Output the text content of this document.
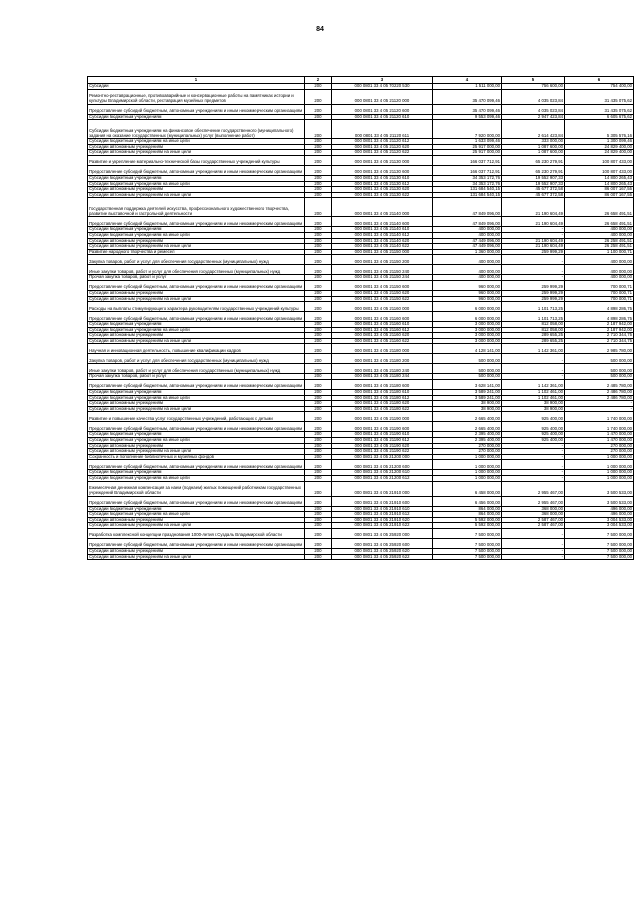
84
1	2	3	4	5	6
Субсидии	200	000 0801 33 4 05 70220 530	1 511 000,00	756 600,00	754 400,00
Ремонтно-реставрационные, противоаварийные и консервационные работы на памятниках истории и культуры Владимирской области, реставрация музейных предметов	200	000 0801 33 4 05 21120 000	35 470 099,46	4 035 023,84	31 435 075,62
Предоставление субсидий бюджетным, автономным учреждениям и иным некоммерческим организациям	200	000 0801 33 4 05 21120 600	35 470 099,46	4 035 023,84	31 435 075,62
Субсидии бюджетным учреждениям	200	000 0801 33 4 05 21120 610	9 553 099,46	2 947 423,84	6 605 675,62
Субсидии бюджетным учреждениям на финансовое обеспечение государственного (муниципального) задания на оказание государственных (муниципальных) услуг (выполнение работ)	200	000 0801 33 4 05 21120 611	7 920 000,00	2 614 423,84	5 305 576,16
Субсидии бюджетным учреждениям на иные цели	200	000 0801 33 4 05 21120 612	1 633 099,46	333 000,00	1 300 099,46
Субсидии автономным учреждениям	200	000 0801 33 4 05 21120 620	25 917 000,00	1 087 600,00	24 829 400,00
Субсидии автономным учреждениям на иные цели	200	000 0801 33 4 05 21120 622	25 917 000,00	1 087 600,00	24 829 400,00
Развитие и укрепление материально-технической базы государственных учреждений культуры	200	000 0801 33 4 05 21130 000	166 037 712,91	65 230 279,91	100 807 433,00
Предоставление субсидий бюджетным, автономным учреждениям и иным некоммерческим организациям	200	000 0801 33 4 05 21130 600	166 037 712,91	65 230 279,91	100 807 433,00
Субсидии бюджетным учреждениям	200	000 0801 33 4 05 21130 610	34 353 172,76	19 552 907,33	14 800 265,43
Субсидии бюджетным учреждениям на иные цели	200	000 0801 33 4 05 21130 612	34 353 172,76	19 552 907,33	14 800 265,43
Субсидии автономным учреждениям	200	000 0801 33 4 05 21130 620	131 684 540,15	45 677 372,58	86 007 167,55
Субсидии автономным учреждениям на иные цели	200	000 0801 33 4 05 21130 622	131 684 540,15	45 677 372,58	86 007 167,55
Государственная поддержка деятелей искусства, профессионального художественного творчества, развитие выставочной и гастрольной деятельности	200	000 0801 33 4 05 21140 000	47 849 096,00	21 190 604,49	26 658 491,51
Предоставление субсидий бюджетным, автономным учреждениям и иным некоммерческим организациям	200	000 0801 33 4 05 21140 600	47 849 096,00	21 190 604,49	26 658 491,51
Субсидии бюджетным учреждениям	200	000 0801 33 4 05 21140 610	400 000,00	-	400 000,00
Субсидии бюджетным учреждениям на иные цели	200	000 0801 33 4 05 21140 612	400 000,00	-	400 000,00
Субсидии автономным учреждениям	200	000 0801 33 4 05 21140 620	47 449 096,00	21 190 604,49	26 258 491,51
Субсидии автономным учреждениям на иные цели	200	000 0801 33 4 05 21140 622	47 449 096,00	21 190 604,49	26 258 491,51
Развитие народного творчества и ремесел	200	000 0801 33 4 05 21150 000	1 360 000,00	259 999,29	1 100 000,71
Закупка товаров, работ и услуг для обеспечения государственных (муниципальных) нужд	200	000 0801 33 4 05 21150 200	400 000,00	-	400 000,00
Иные закупки товаров, работ и услуг для обеспечения государственных (муниципальных) нужд	200	000 0801 33 4 05 21150 240	400 000,00	-	400 000,00
Прочая закупка товаров, работ и услуг	200	000 0801 33 4 05 21150 244	400 000,00	-	400 000,00
Предоставление субсидий бюджетным, автономным учреждениям и иным некоммерческим организациям	200	000 0801 33 4 05 21150 600	960 000,00	259 999,29	700 000,71
Субсидии автономным учреждениям	200	000 0801 33 4 05 21150 620	960 000,00	259 999,29	700 000,71
Субсидии автономным учреждениям на иные цели	200	000 0801 33 4 05 21150 622	960 000,00	259 999,29	700 000,71
Расходы на выплаты стимулирующего характера руководителям государственных учреждений культуры	200	000 0801 33 4 05 21160 000	6 000 000,00	1 101 713,25	4 898 286,75
Предоставление субсидий бюджетным, автономным учреждениям и иным некоммерческим организациям	200	000 0801 33 4 05 21160 600	6 000 000,00	1 101 713,25	4 898 286,75
Субсидии бюджетным учреждениям	200	000 0801 33 4 05 21160 610	3 000 000,00	812 058,00	2 187 942,00
Субсидии бюджетным учреждениям на иные цели	200	000 0801 33 4 05 21160 612	3 000 000,00	812 058,00	2 187 942,00
Субсидии автономным учреждениям	200	000 0801 33 4 05 21160 620	3 000 000,00	289 655,25	2 710 344,75
Субсидии автономным учреждениям на иные цели	200	000 0801 33 4 05 21160 622	3 000 000,00	289 655,25	2 710 344,75
Научная и инновационная деятельность, повышение квалификации кадров	200	000 0801 33 4 05 21180 000	4 128 141,00	1 142 361,00	2 985 780,00
Закупка товаров, работ и услуг для обеспечения государственных (муниципальных) нужд	200	000 0801 33 4 05 21180 200	500 000,00	-	500 000,00
Иные закупки товаров, работ и услуг для обеспечения государственных (муниципальных) нужд	200	000 0801 33 4 05 21180 240	500 000,00	-	500 000,00
Прочая закупка товаров, работ и услуг	200	000 0801 33 4 05 21180 244	500 000,00	-	500 000,00
Предоставление субсидий бюджетным, автономным учреждениям и иным некоммерческим организациям	200	000 0801 33 4 05 21180 600	3 628 141,00	1 142 361,00	2 485 780,00
Субсидии бюджетным учреждениям	200	000 0801 33 4 05 21180 610	3 589 241,00	1 102 461,00	2 486 780,00
Субсидии бюджетным учреждениям на иные цели	200	000 0801 33 4 05 21180 612	3 589 241,00	1 102 461,00	2 486 780,00
Субсидии автономным учреждениям	200	000 0801 33 4 05 21180 620	38 900,00	38 900,00	-
Субсидии автономным учреждениям на иные цели	200	000 0801 33 4 05 21180 622	38 900,00	38 900,00	-
Развитие и повышение качества услуг государственных учреждений, работающих с детьми	200	000 0801 33 4 05 21190 000	2 665 400,00	925 400,00	1 740 000,00
Предоставление субсидий бюджетным, автономным учреждениям и иным некоммерческим организациям	200	000 0801 33 4 05 21190 600	2 665 400,00	925 400,00	1 740 000,00
Субсидии бюджетным учреждениям	200	000 0801 33 4 05 21190 610	2 395 400,00	925 400,00	1 470 000,00
Субсидии бюджетным учреждениям на иные цели	200	000 0801 33 4 05 21190 612	2 395 400,00	925 400,00	1 470 000,00
Субсидии автономным учреждениям	200	000 0801 33 4 05 21190 620	270 000,00	-	270 000,00
Субсидии автономным учреждениям на иные цели	200	000 0801 33 4 05 21190 622	270 000,00	-	270 000,00
Сохранность и пополнение библиотечных и музейных фондов	200	000 0801 33 4 05 21200 000	1 000 000,00	-	1 000 000,00
Предоставление субсидий бюджетным, автономным учреждениям и иным некоммерческим организациям	200	000 0801 33 4 05 21200 600	1 000 000,00	-	1 000 000,00
Субсидии бюджетным учреждениям	200	000 0801 33 4 05 21200 610	1 000 000,00	-	1 000 000,00
Субсидии бюджетным учреждениям на иные цели	200	000 0801 33 4 05 21200 612	1 000 000,00	-	1 000 000,00
Ежемесячная денежная компенсация за наем (поднаем) жилых помещений работникам государственных учреждений Владимирской области	200	000 0801 33 4 05 21910 000	6 458 000,00	2 955 467,00	3 500 533,00
Предоставление субсидий бюджетным, автономным учреждениям и иным некоммерческим организациям	200	000 0801 33 4 05 21910 600	6 456 000,00	2 955 467,00	3 500 533,00
Субсидии бюджетным учреждениям	200	000 0801 33 4 05 21910 610	864 000,00	368 000,00	496 000,00
Субсидии бюджетным учреждениям на иные цели	200	000 0801 33 4 05 21910 612	864 000,00	368 000,00	496 000,00
Субсидии автономным учреждениям	200	000 0801 33 4 05 21910 620	5 592 000,00	2 587 467,00	3 004 533,00
Субсидии автономным учреждениям на иные цели	200	000 0801 33 4 05 21910 622	5 592 000,00	2 587 467,00	3 004 533,00
Разработка комплексной концепции празднования 1000-летия г.Суздаль Владимирской области	200	000 0801 33 4 05 25920 000	7 500 000,00	-	7 500 000,00
Предоставление субсидий бюджетным, автономным учреждениям и иным некоммерческим организациям	200	000 0801 33 4 05 25920 600	7 500 000,00	-	7 500 000,00
Субсидии автономным учреждениям	200	000 0801 33 4 05 25920 620	7 500 000,00	-	7 500 000,00
Субсидии автономным учреждениям на иные цели	200	000 0801 33 4 05 25920 622	7 500 000,00	-	7 500 000,00
